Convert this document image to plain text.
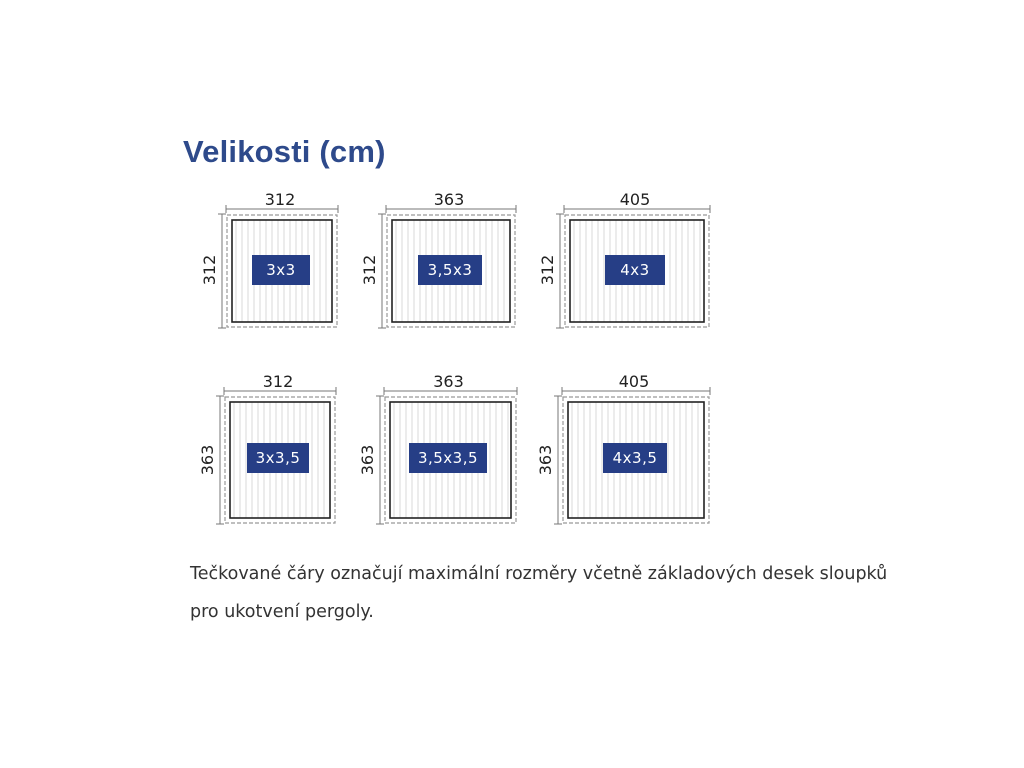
Velikosti (cm)
312
312	3x3
363
312	3,5x3
405
312	4x3
312
363	3x3,5
363
363	3,5x3,5
405
363	4x3,5
Tečkované čáry označují maximální rozměry včetně základových desek sloupků pro ukotvení pergoly.
